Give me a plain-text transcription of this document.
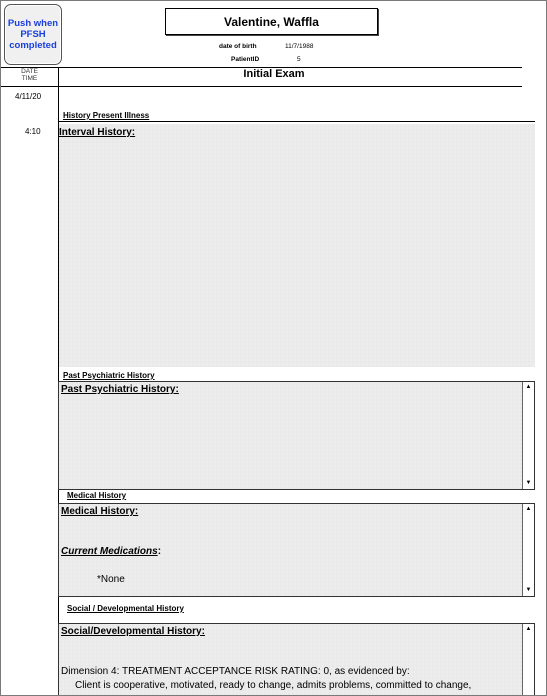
Push when PFSH completed
Valentine, Waffla
date of birth	11/7/1988
PatientID	5
DATE TIME	Initial Exam
4/11/20
4:10
History Present Illness
Interval History:
Past Psychiatric History
Past Psychiatric History:	▲
▼
Medical History
Medical History:
Current Medications:
*None
▲
▼
Social / Developmental History
Social/Developmental History:
Dimension 4: TREATMENT ACCEPTANCE RISK RATING: 0, as evidenced by:
Client is cooperative, motivated, ready to change, admits problems, committed to change,
▲
